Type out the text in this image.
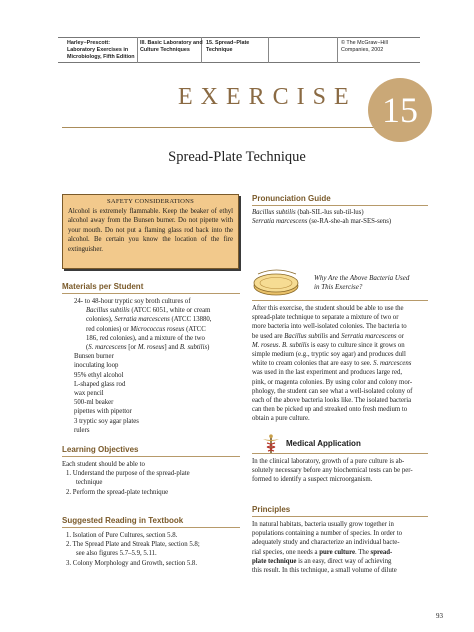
Harley−Prescott:
Laboratory Exercises in
Microbiology, Fifth Edition
III. Basic Laboratory and
Culture Techniques
15. Spread−Plate
Technique
© The McGraw−Hill
Companies, 2002
EXERCISE 15
Spread-Plate Technique
SAFETY CONSIDERATIONS
Alcohol is extremely flammable. Keep the beaker of ethyl alcohol away from the Bunsen burner. Do not pipette with your mouth. Do not put a flaming glass rod back into the alcohol. Be certain you know the location of the fire extinguisher.
Materials per Student
24- to 48-hour tryptic soy broth cultures of
Bacillus subtilis (ATCC 6051, white or cream
colonies), Serratia marcescens (ATCC 13880,
red colonies) or Micrococcus roseus (ATCC
186, red colonies), and a mixture of the two
(S. marcescens [or M. roseus] and B. subtilis)
Bunsen burner
inoculating loop
95% ethyl alcohol
L-shaped glass rod
wax pencil
500-ml beaker
pipettes with pipettor
3 tryptic soy agar plates
rulers
Learning Objectives
Each student should be able to
1. Understand the purpose of the spread-plate
technique
2. Perform the spread-plate technique
Suggested Reading in Textbook
1. Isolation of Pure Cultures, section 5.8.
2. The Spread Plate and Streak Plate, section 5.8;
see also figures 5.7–5.9, 5.11.
3. Colony Morphology and Growth, section 5.8.
Pronunciation Guide
Bacillus subtilis (bah-SIL-lus sub-til-lus)
Serratia marcescens (se-RA-she-ah mar-SES-sens)
Why Are the Above Bacteria Used
in This Exercise?
After this exercise, the student should be able to use the
spread-plate technique to separate a mixture of two or
more bacteria into well-isolated colonies. The bacteria to
be used are Bacillus subtilis and Serratia marcescens or
M. roseus. B. subtilis is easy to culture since it grows on
simple medium (e.g., tryptic soy agar) and produces dull
white to cream colonies that are easy to see. S. marcescens
was used in the last experiment and produces large red,
pink, or magenta colonies. By using color and colony mor-
phology, the student can see what a well-isolated colony of
each of the above bacteria looks like. The isolated bacteria
can then be picked up and streaked onto fresh medium to
obtain a pure culture.
Medical Application
In the clinical laboratory, growth of a pure culture is ab-
solutely necessary before any biochemical tests can be per-
formed to identify a suspect microorganism.
Principles
In natural habitats, bacteria usually grow together in
populations containing a number of species. In order to
adequately study and characterize an individual bacte-
rial species, one needs a pure culture. The spread-
plate technique is an easy, direct way of achieving
this result. In this technique, a small volume of dilute
93
